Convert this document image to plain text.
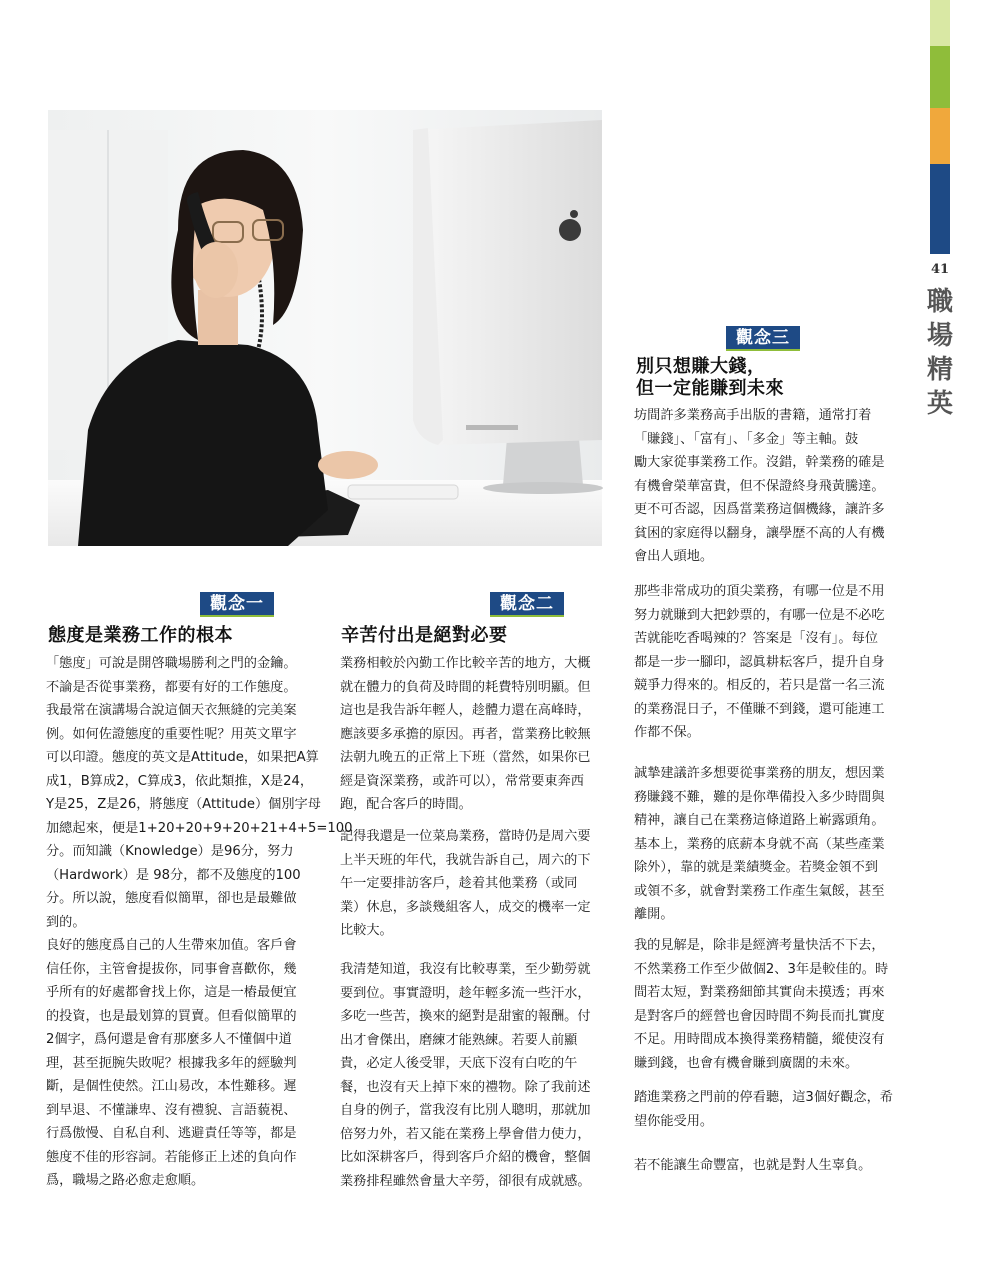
41
職
場
精
英
觀念一
態度是業務工作的根本
「態度」可說是開啓職場勝利之門的金鑰。
不論是否從事業務，都要有好的工作態度。
我最常在演講場合說這個天衣無縫的完美案
例。如何佐證態度的重要性呢？用英文單字
可以印證。態度的英文是Attitude，如果把A算
成1，B算成2，C算成3，依此類推，X是24，
Y是25，Z是26，將態度（Attitude）個別字母
加總起來，便是1+20+20+9+20+21+4+5=100
分。而知識（Knowledge）是96分，努力
（Hardwork）是 98分，都不及態度的100
分。所以說，態度看似簡單，卻也是最難做
到的。
良好的態度爲自己的人生帶來加值。客戶會
信任你，主管會提拔你，同事會喜歡你，幾
乎所有的好處都會找上你，這是一樁最便宜
的投資，也是最划算的買賣。但看似簡單的
2個字，爲何還是會有那麼多人不懂個中道
理，甚至扼腕失敗呢？根據我多年的經驗判
斷，是個性使然。江山易改，本性難移。遲
到早退、不懂謙卑、沒有禮貌、言語藐視、
行爲傲慢、自私自利、逃避責任等等，都是
態度不佳的形容詞。若能修正上述的負向作
爲，職場之路必愈走愈順。
觀念二
辛苦付出是絕對必要
業務相較於內勤工作比較辛苦的地方，大概
就在體力的負荷及時間的耗費特別明顯。但
這也是我告訴年輕人，趁體力還在高峰時，
應該要多承擔的原因。再者，當業務比較無
法朝九晚五的正常上下班（當然，如果你已
經是資深業務，或許可以），常常要東奔西
跑，配合客戶的時間。
記得我還是一位菜鳥業務，當時仍是周六要
上半天班的年代，我就告訴自己，周六的下
午一定要排訪客戶，趁着其他業務（或同
業）休息，多談幾組客人，成交的機率一定
比較大。
我清楚知道，我沒有比較專業，至少勤勞就
要到位。事實證明，趁年輕多流一些汗水，
多吃一些苦，換來的絕對是甜蜜的報酬。付
出才會傑出，磨練才能熟練。若要人前顯
貴，必定人後受罪，天底下沒有白吃的午
餐，也沒有天上掉下來的禮物。除了我前述
自身的例子，當我沒有比別人聰明，那就加
倍努力外，若又能在業務上學會借力使力，
比如深耕客戶，得到客戶介紹的機會，整個
業務排程雖然會量大辛勞，卻很有成就感。
觀念三
別只想賺大錢，
但一定能賺到未來
坊間許多業務高手出版的書籍，通常打着
「賺錢」、「富有」、「多金」等主軸。鼓
勵大家從事業務工作。沒錯，幹業務的確是
有機會榮華富貴，但不保證終身飛黃騰達。
更不可否認，因爲當業務這個機緣，讓許多
貧困的家庭得以翻身，讓學歷不高的人有機
會出人頭地。
那些非常成功的頂尖業務，有哪一位是不用
努力就賺到大把鈔票的，有哪一位是不必吃
苦就能吃香喝辣的？答案是「沒有」。每位
都是一步一腳印，認眞耕耘客戶，提升自身
競爭力得來的。相反的，若只是當一名三流
的業務混日子，不僅賺不到錢，還可能連工
作都不保。
誠摯建議許多想要從事業務的朋友，想因業
務賺錢不難，難的是你準備投入多少時間與
精神，讓自己在業務這條道路上嶄露頭角。
基本上，業務的底薪本身就不高（某些產業
除外），靠的就是業績獎金。若獎金領不到
或領不多，就會對業務工作產生氣餒，甚至
離開。
我的見解是，除非是經濟考量快活不下去，
不然業務工作至少做個2、3年是較佳的。時
間若太短，對業務細節其實尙未摸透；再來
是對客戶的經營也會因時間不夠長而扎實度
不足。用時間成本換得業務精髓，縱使沒有
賺到錢，也會有機會賺到廣闊的未來。
踏進業務之門前的停看聽，這3個好觀念，希
望你能受用。
若不能讓生命豐富，也就是對人生辜負。
